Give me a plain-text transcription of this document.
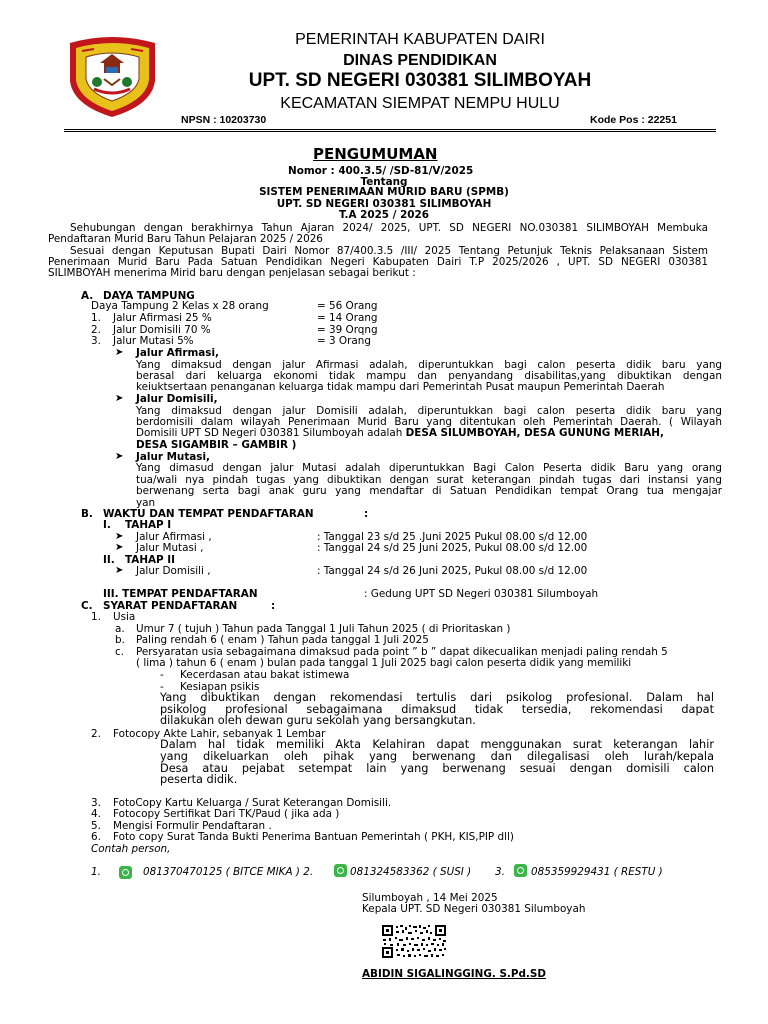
PEMERINTAH KABUPATEN DAIRI
DINAS PENDIDIKAN
UPT. SD NEGERI 030381 SILIMBOYAH
KECAMATAN SIEMPAT NEMPU HULU
NPSN : 10203730	Kode Pos : 22251
PENGUMUMAN
Nomor : 400.3.5/ /SD-81/V/2025
Tentang
SISTEM PENERIMAAN MURID BARU (SPMB)
UPT. SD NEGERI 030381 SILIMBOYAH
T.A 2025 / 2026
Sehubungan dengan berakhirnya Tahun Ajaran 2024/ 2025, UPT. SD NEGERI NO.030381 SILIMBOYAH Membuka
Pendaftaran Murid Baru Tahun Pelajaran 2025 / 2026
Sesuai dengan Keputusan Bupati Dairi Nomor 87/400.3.5 /III/ 2025 Tentang Petunjuk Teknis Pelaksanaan Sistem
Penerimaan Murid Baru Pada Satuan Pendidikan Negeri Kabupaten Dairi T.P 2025/2026 , UPT. SD NEGERI 030381
SILIMBOYAH menerima Mirid baru dengan penjelasan sebagai berikut :
A. DAYA TAMPUNG
Daya Tampung 2 Kelas x 28 orang	= 56 Orang
1. Jalur Afirmasi 25 %	= 14 Orang
2. Jalur Domisili 70 %	= 39 Orqng
3. Jalur Mutasi 5%	= 3 Orang
➤ Jalur Afirmasi,
Yang dimaksud dengan jalur Afirmasi adalah, diperuntukkan bagi calon peserta didik baru yang
berasal dari keluarga ekonomi tidak mampu dan penyandang disabilitas,yang dibuktikan dengan
keiuktsertaan penanganan keluarga tidak mampu dari Pemerintah Pusat maupun Pemerintah Daerah
➤ Jalur Domisili,
Yang dimaksud dengan jalur Domisili adalah, diperuntukkan bagi calon peserta didik baru yang
berdomisili dalam wilayah Penerimaan Murid Baru yang ditentukan oleh Pemerintah Daerah. ( Wilayah
Domisili UPT SD Negeri 030381 Silumboyah adalah DESA SILUMBOYAH, DESA GUNUNG MERIAH,
DESA SIGAMBIR – GAMBIR )
➤ Jalur Mutasi,
Yang dimasud dengan jalur Mutasi adalah diperuntukkan Bagi Calon Peserta didik Baru yang orang
tua/wali nya pindah tugas yang dibuktikan dengan surat keterangan pindah tugas dari instansi yang
berwenang serta bagi anak guru yang mendaftar di Satuan Pendidikan tempat Orang tua mengajar
yan
B. WAKTU DAN TEMPAT PENDAFTARAN	:
I. TAHAP I
➤ Jalur Afirmasi ,	: Tanggal 23 s/d 25 .Juni 2025 Pukul 08.00 s/d 12.00
➤ Jalur Mutasi ,	: Tanggal 24 s/d 25 Juni 2025, Pukul 08.00 s/d 12.00
II. TAHAP II
➤ Jalur Domisili ,	: Tanggal 24 s/d 26 Juni 2025, Pukul 08.00 s/d 12.00
III. TEMPAT PENDAFTARAN	: Gedung UPT SD Negeri 030381 Silumboyah
C. SYARAT PENDAFTARAN	:
1. Usia
a. Umur 7 ( tujuh ) Tahun pada Tanggal 1 Juli Tahun 2025 ( di Prioritaskan )
b. Paling rendah 6 ( enam ) Tahun pada tanggal 1 Juli 2025
c. Persyaratan usia sebagaimana dimaksud pada point ” b ” dapat dikecualikan menjadi paling rendah 5
( lima ) tahun 6 ( enam ) bulan pada tanggal 1 Juli 2025 bagi calon peserta didik yang memiliki
- Kecerdasan atau bakat istimewa
- Kesiapan psikis
Yang dibuktikan dengan rekomendasi tertulis dari psikolog profesional. Dalam hal
psikolog profesional sebagaimana dimaksud tidak tersedia, rekomendasi dapat
dilakukan oleh dewan guru sekolah yang bersangkutan.
2. Fotocopy Akte Lahir, sebanyak 1 Lembar
Dalam hal tidak memiliki Akta Kelahiran dapat menggunakan surat keterangan lahir
yang dikeluarkan oleh pihak yang berwenang dan dilegalisasi oleh lurah/kepala
Desa atau pejabat setempat lain yang berwenang sesuai dengan domisili calon
peserta didik.
3. FotoCopy Kartu Keluarga / Surat Keterangan Domisili.
4. Fotocopy Sertifikat Dari TK/Paud ( jika ada )
5. Mengisi Formulir Pendaftaran .
6. Foto copy Surat Tanda Bukti Penerima Bantuan Pemerintah ( PKH, KIS,PIP dll)
Contah person,
1.	081370470125 ( BITCE MIKA ) 2.	081324583362 ( SUSI ) 3.	085359929431 ( RESTU )
Silumboyah , 14 Mei 2025
Kepala UPT. SD Negeri 030381 Silumboyah
ABIDIN SIGALINGGING. S.Pd.SD
